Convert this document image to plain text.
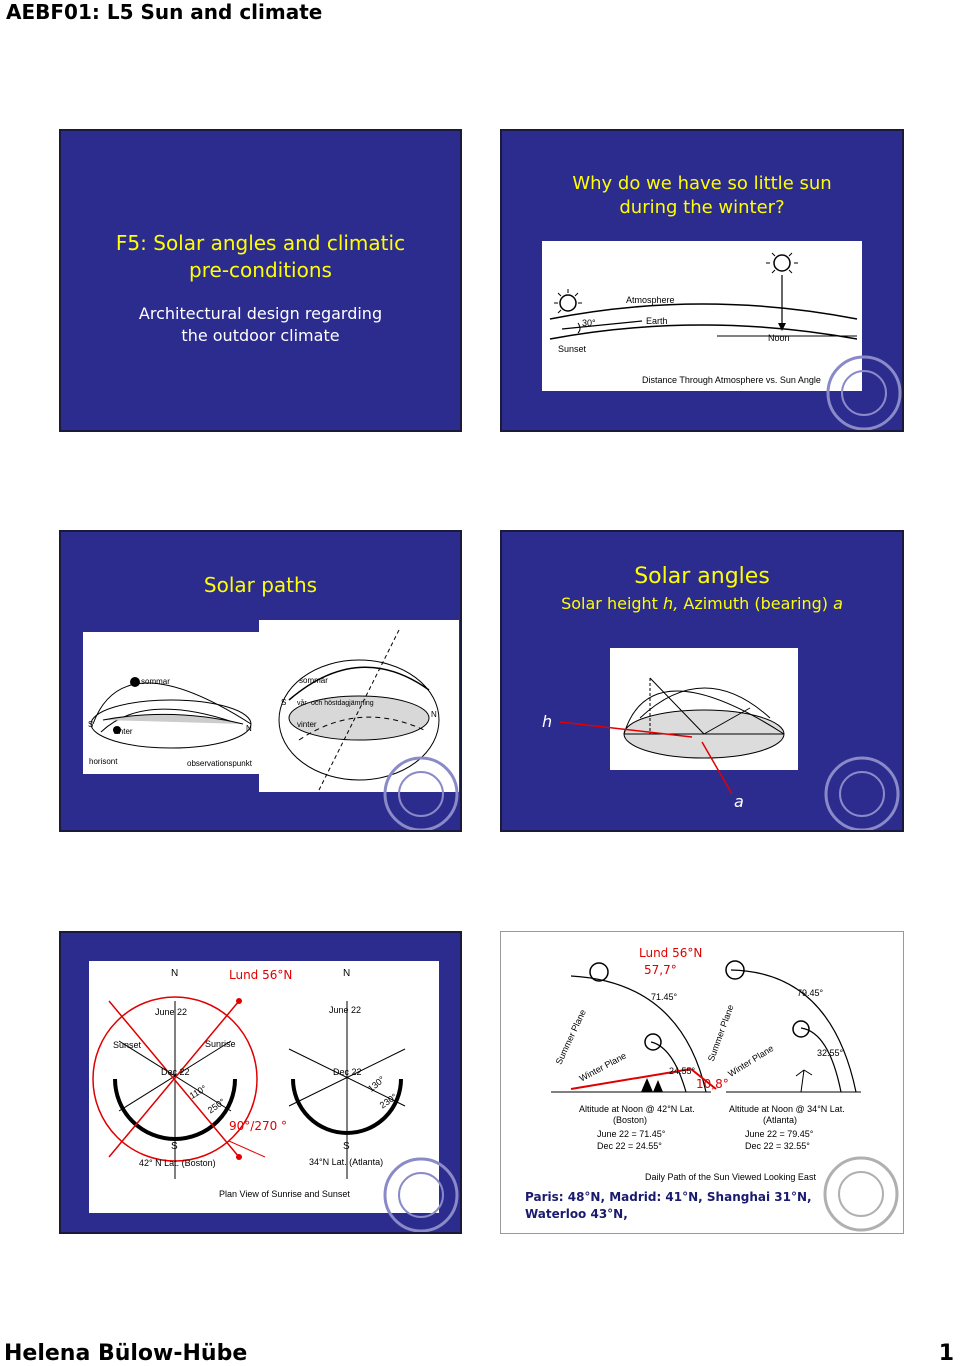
AEBF01: L5 Sun and climate
F5: Solar angles and climatic
pre-conditions
Architectural design regarding
the outdoor climate
Why do we have so little sun
during the winter?
Atmosphere
Earth
30°
Sunset
Noon
Distance Through Atmosphere vs. Sun Angle
Solar paths
sommar
vinter
S	N
horisont	observationspunkt
sommar
vår- och höstdagjämning
vinter
S
N
Solar angles
Solar height h, Azimuth (bearing) a
h
a
N	N
Lund 56°N
June 22	June 22
Sunset	Sunrise
Dec 22	Dec 22
110°
250°
130°
230°
90°/270 °
S	S
42° N Lat. (Boston)	34°N Lat. (Atlanta)
Plan View of Sunrise and Sunset
Lund 56°N
57,7°
71.45°	79.45°
24.55°
32.55°
10,8°
Summer Plane
Winter Plane
Summer Plane
Winter Plane
Altitude at Noon @ 42°N Lat.
(Boston)
June 22 = 71.45°
Dec 22 = 24.55°
Altitude at Noon @ 34°N Lat.
(Atlanta)
June 22 = 79.45°
Dec 22 = 32.55°
Daily Path of the Sun Viewed Looking East
Paris: 48°N, Madrid: 41°N, Shanghai 31°N,
Waterloo 43°N,
Helena Bülow-Hübe	1
